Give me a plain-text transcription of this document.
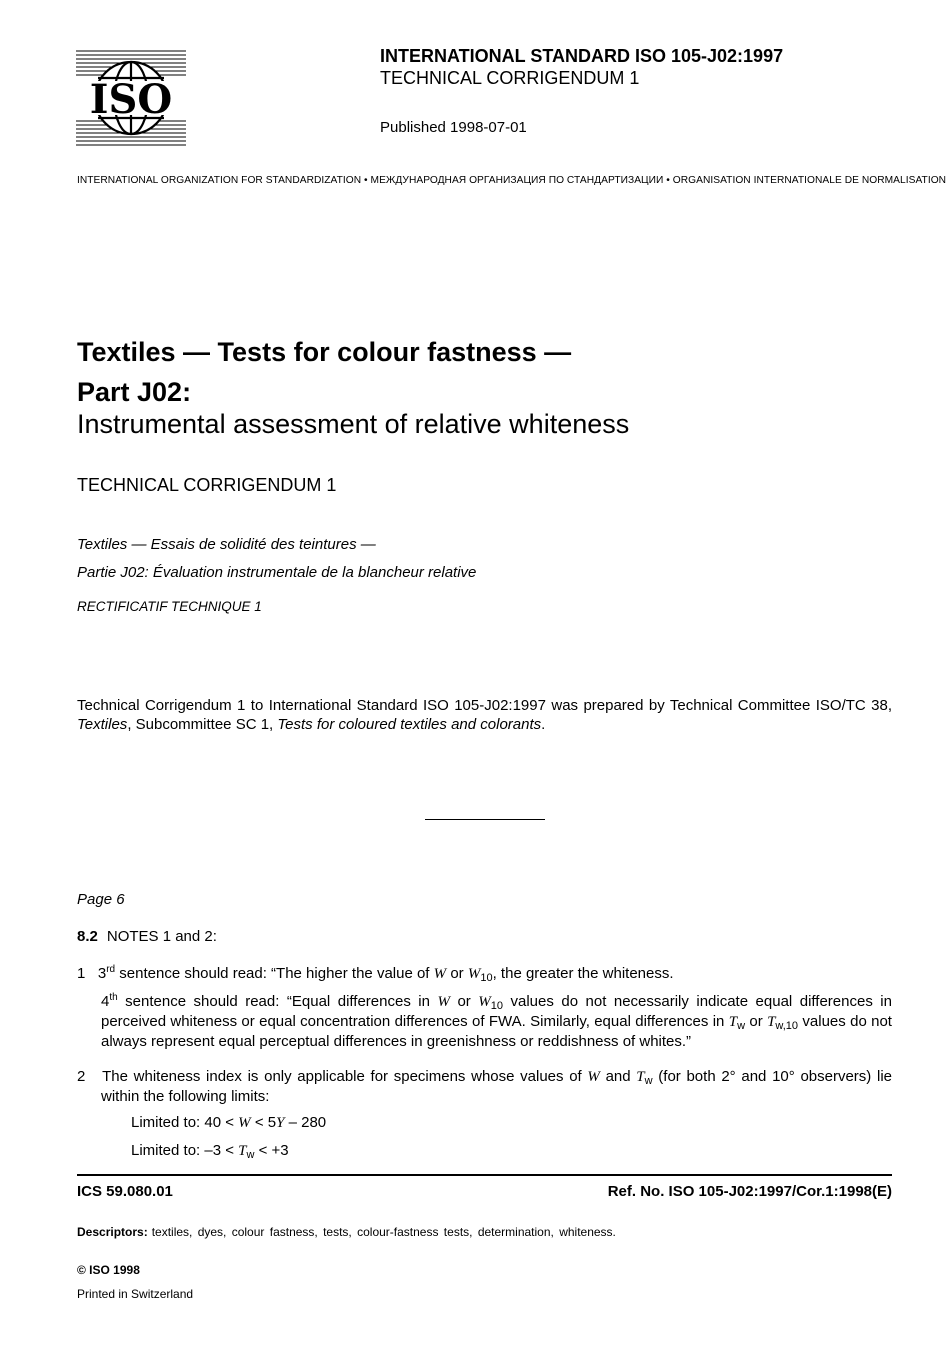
ISO
INTERNATIONAL STANDARD ISO 105-J02:1997
TECHNICAL CORRIGENDUM 1
Published 1998-07-01
INTERNATIONAL ORGANIZATION FOR STANDARDIZATION • МЕЖДУНАРОДНАЯ ОРГАНИЗАЦИЯ ПО СТАНДАРТИЗАЦИИ • ORGANISATION INTERNATIONALE DE NORMALISATION
Textiles — Tests for colour fastness —
Part J02:
Instrumental assessment of relative whiteness
TECHNICAL CORRIGENDUM 1
Textiles — Essais de solidité des teintures —
Partie J02: Évaluation instrumentale de la blancheur relative
RECTIFICATIF TECHNIQUE 1
Technical Corrigendum 1 to International Standard ISO 105-J02:1997 was prepared by Technical Committee ISO/TC 38, Textiles, Subcommittee SC 1, Tests for coloured textiles and colorants.
Page 6
8.2 NOTES 1 and 2:
1 3rd sentence should read: “The higher the value of W or $W_{10}$, the greater the whiteness.
4th sentence should read: “Equal differences in W or $W_{10}$ values do not necessarily indicate equal differences in perceived whiteness or equal concentration differences of FWA. Similarly, equal differences in $T_w$ or $T_{w,10}$ values do not always represent equal perceptual differences in greenishness or reddishness of whites.”
2 The whiteness index is only applicable for specimens whose values of W and $T_w$ (for both 2° and 10° observers) lie within the following limits:
Limited to: 40 < W < 5Y – 280
Limited to: $-3 < T_w < +3$
ICS 59.080.01	Ref. No. ISO 105-J02:1997/Cor.1:1998(E)
Descriptors: textiles, dyes, colour fastness, tests, colour-fastness tests, determination, whiteness.
© ISO 1998
Printed in Switzerland
